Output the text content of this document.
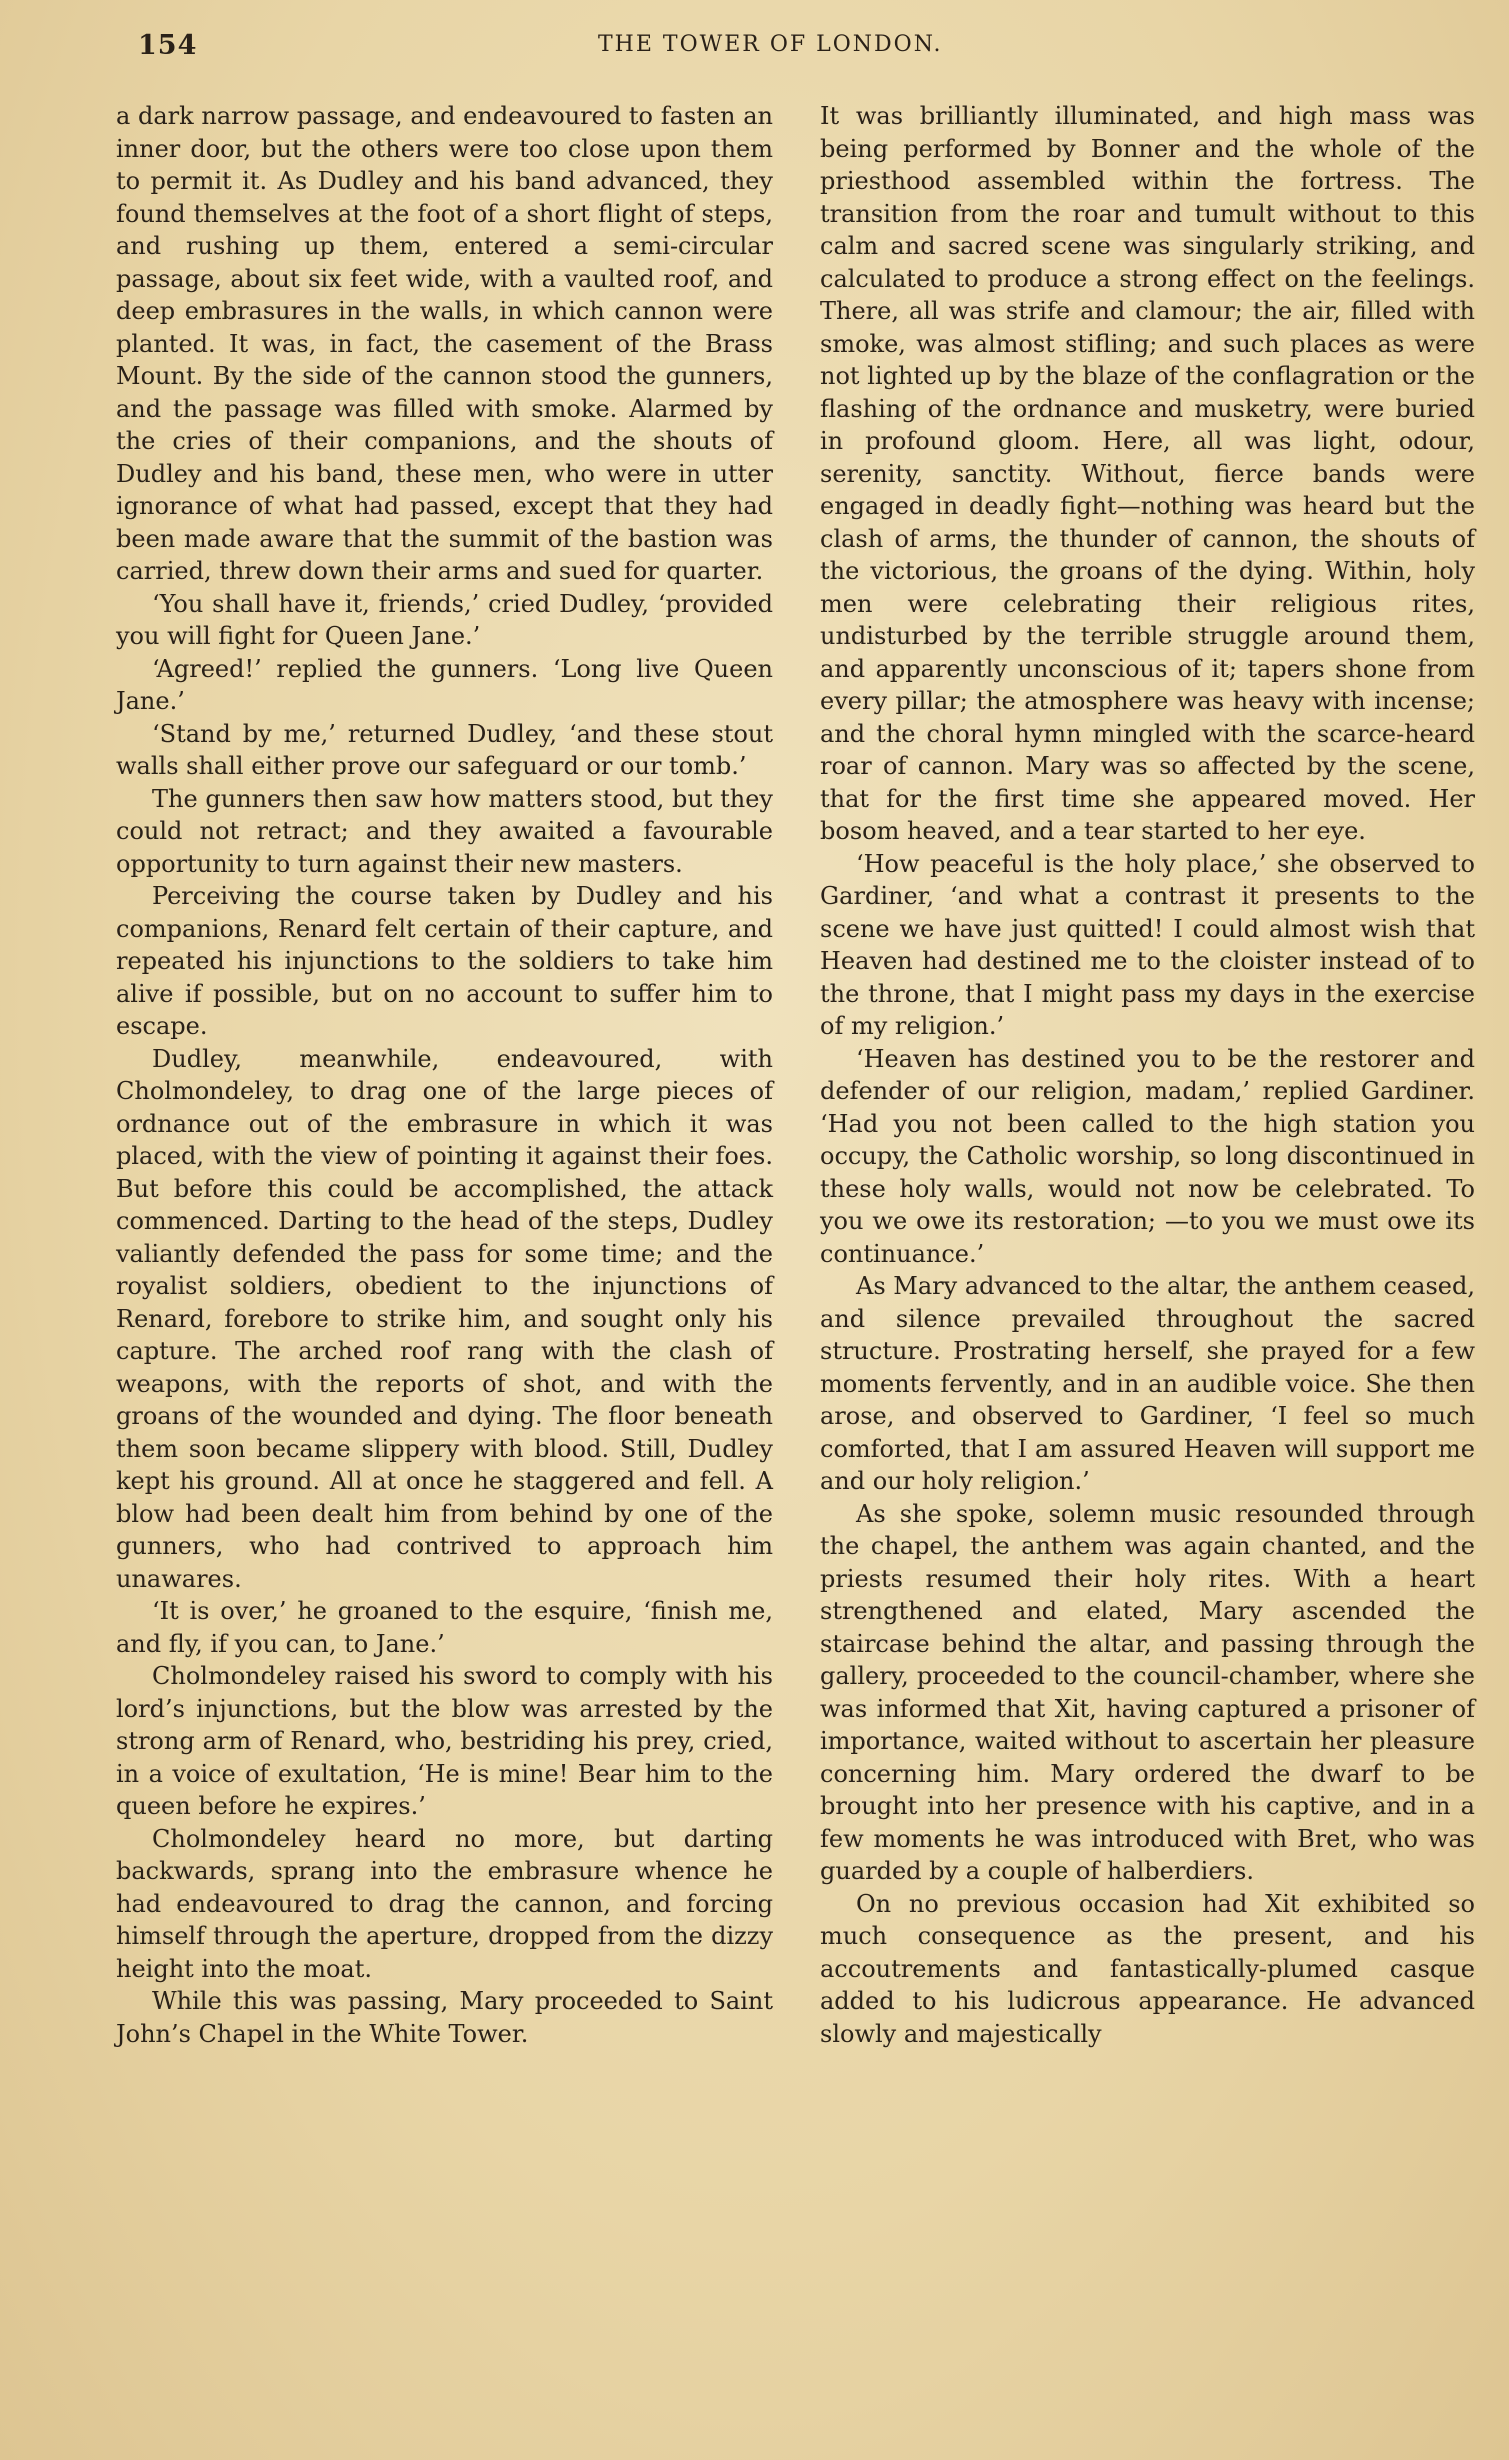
154	THE TOWER OF LONDON.

a dark narrow passage, and endeavoured to fasten an inner door, but the others were too close upon them to permit it. As Dudley and his band advanced, they found themselves at the foot of a short flight of steps, and rushing up them, entered a semi-circular passage, about six feet wide, with a vaulted roof, and deep embrasures in the walls, in which cannon were planted. It was, in fact, the casement of the Brass Mount. By the side of the cannon stood the gunners, and the passage was filled with smoke. Alarmed by the cries of their companions, and the shouts of Dudley and his band, these men, who were in utter ignorance of what had passed, except that they had been made aware that the summit of the bastion was carried, threw down their arms and sued for quarter.

‘You shall have it, friends,’ cried Dudley, ‘provided you will fight for Queen Jane.’

‘Agreed!’ replied the gunners. ‘Long live Queen Jane.’

‘Stand by me,’ returned Dudley, ‘and these stout walls shall either prove our safeguard or our tomb.’

The gunners then saw how matters stood, but they could not retract; and they awaited a favourable opportunity to turn against their new masters.

Perceiving the course taken by Dudley and his companions, Renard felt certain of their capture, and repeated his injunctions to the soldiers to take him alive if possible, but on no account to suffer him to escape.

Dudley, meanwhile, endeavoured, with Cholmondeley, to drag one of the large pieces of ordnance out of the embrasure in which it was placed, with the view of pointing it against their foes. But before this could be accomplished, the attack commenced. Darting to the head of the steps, Dudley valiantly defended the pass for some time; and the royalist soldiers, obedient to the injunctions of Renard, forebore to strike him, and sought only his capture. The arched roof rang with the clash of weapons, with the reports of shot, and with the groans of the wounded and dying. The floor beneath them soon became slippery with blood. Still, Dudley kept his ground. All at once he staggered and fell. A blow had been dealt him from behind by one of the gunners, who had contrived to approach him unawares.

‘It is over,’ he groaned to the esquire, ‘finish me, and fly, if you can, to Jane.’

Cholmondeley raised his sword to comply with his lord’s injunctions, but the blow was arrested by the strong arm of Renard, who, bestriding his prey, cried, in a voice of exultation, ‘He is mine! Bear him to the queen before he expires.’

Cholmondeley heard no more, but darting backwards, sprang into the embrasure whence he had endeavoured to drag the cannon, and forcing himself through the aperture, dropped from the dizzy height into the moat.

While this was passing, Mary proceeded to Saint John’s Chapel in the White Tower.

It was brilliantly illuminated, and high mass was being performed by Bonner and the whole of the priesthood assembled within the fortress. The transition from the roar and tumult without to this calm and sacred scene was singularly striking, and calculated to produce a strong effect on the feelings. There, all was strife and clamour; the air, filled with smoke, was almost stifling; and such places as were not lighted up by the blaze of the conflagration or the flashing of the ordnance and musketry, were buried in profound gloom. Here, all was light, odour, serenity, sanctity. Without, fierce bands were engaged in deadly fight—nothing was heard but the clash of arms, the thunder of cannon, the shouts of the victorious, the groans of the dying. Within, holy men were celebrating their religious rites, undisturbed by the terrible struggle around them, and apparently unconscious of it; tapers shone from every pillar; the atmosphere was heavy with incense; and the choral hymn mingled with the scarce-heard roar of cannon. Mary was so affected by the scene, that for the first time she appeared moved. Her bosom heaved, and a tear started to her eye.

‘How peaceful is the holy place,’ she observed to Gardiner, ‘and what a contrast it presents to the scene we have just quitted! I could almost wish that Heaven had destined me to the cloister instead of to the throne, that I might pass my days in the exercise of my religion.’

‘Heaven has destined you to be the restorer and defender of our religion, madam,’ replied Gardiner. ‘Had you not been called to the high station you occupy, the Catholic worship, so long discontinued in these holy walls, would not now be celebrated. To you we owe its restoration; —to you we must owe its continuance.’

As Mary advanced to the altar, the anthem ceased, and silence prevailed throughout the sacred structure. Prostrating herself, she prayed for a few moments fervently, and in an audible voice. She then arose, and observed to Gardiner, ‘I feel so much comforted, that I am assured Heaven will support me and our holy religion.’

As she spoke, solemn music resounded through the chapel, the anthem was again chanted, and the priests resumed their holy rites. With a heart strengthened and elated, Mary ascended the staircase behind the altar, and passing through the gallery, proceeded to the council-chamber, where she was informed that Xit, having captured a prisoner of importance, waited without to ascertain her pleasure concerning him. Mary ordered the dwarf to be brought into her presence with his captive, and in a few moments he was introduced with Bret, who was guarded by a couple of halberdiers.

On no previous occasion had Xit exhibited so much consequence as the present, and his accoutrements and fantastically-plumed casque added to his ludicrous appearance. He advanced slowly and majestically
